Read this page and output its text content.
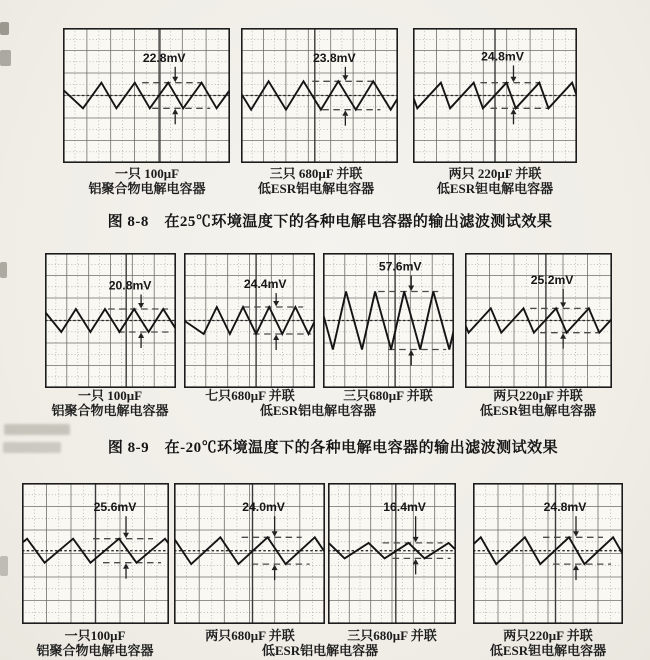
22.8mV	23.8mV	24.8mV
20.8mV	24.4mV
57.6mV
25.2mV
25.6mV	24.0mV	16.4mV	24.8mV
一只 100μF
铝聚合物电解电容器
三只 680μF 并联
低ESR铝电解电容器
两只 220μF 并联
低ESR钽电解电容器
图 8-8　在25℃环境温度下的各种电解电容器的输出滤波测试效果
一只 100μF
铝聚合物电解电容器
七只680μF 并联	三只680μF 并联
低ESR铝电解电容器
两只220μF 并联
低ESR钽电解电容器
图 8-9　在-20℃环境温度下的各种电解电容器的输出滤波测试效果
一只100μF
铝聚合物电解电容器
两只680μF 并联	三只680μF 并联
低ESR铝电解电容器
两只220μF 并联
低ESR钽电解电容器
